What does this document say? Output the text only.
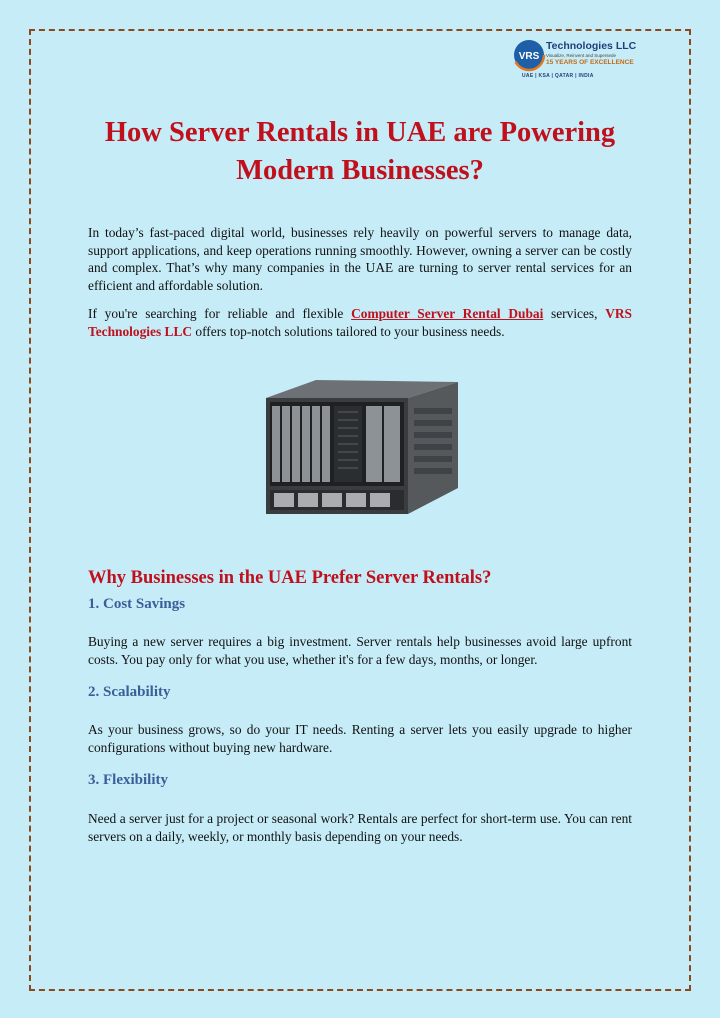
VRS
Technologies LLC
Visualize, Reinvent and Supersede
15 YEARS OF EXCELLENCE
UAE | KSA | QATAR | INDIA
How Server Rentals in UAE are Powering Modern Businesses?

In today’s fast-paced digital world, businesses rely heavily on powerful servers to manage data, support applications, and keep operations running smoothly. However, owning a server can be costly and complex. That’s why many companies in the UAE are turning to server rental services for an efficient and affordable solution.

If you're searching for reliable and flexible Computer Server Rental Dubai services, VRS Technologies LLC offers top-notch solutions tailored to your business needs.

Why Businesses in the UAE Prefer Server Rentals?
1. Cost Savings

Buying a new server requires a big investment. Server rentals help businesses avoid large upfront costs. You pay only for what you use, whether it's for a few days, months, or longer.

2. Scalability

As your business grows, so do your IT needs. Renting a server lets you easily upgrade to higher configurations without buying new hardware.

3. Flexibility

Need a server just for a project or seasonal work? Rentals are perfect for short-term use. You can rent servers on a daily, weekly, or monthly basis depending on your needs.
